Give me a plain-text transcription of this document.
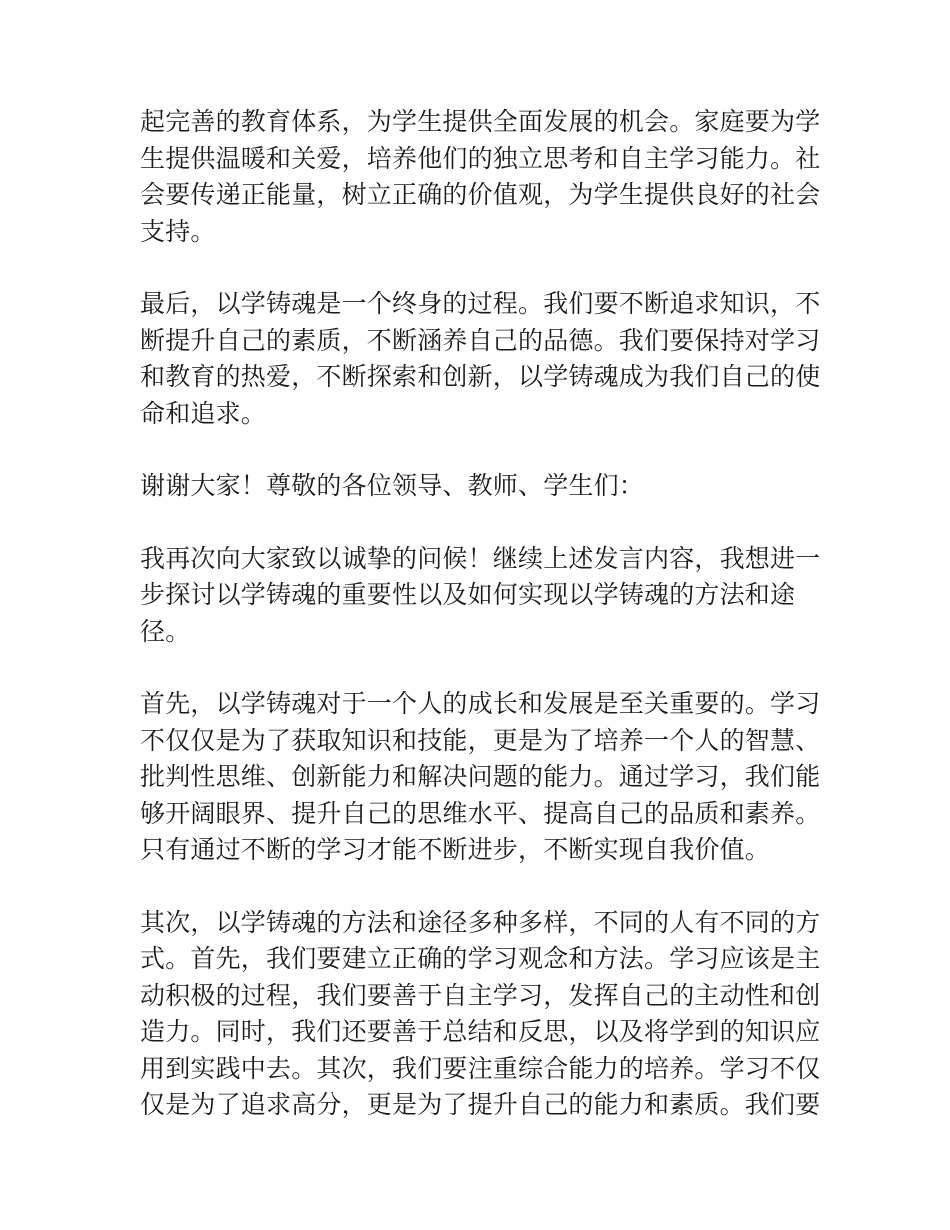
起完善的教育体系，为学生提供全面发展的机会。家庭要为学
生提供温暖和关爱，培养他们的独立思考和自主学习能力。社
会要传递正能量，树立正确的价值观，为学生提供良好的社会
支持。

最后，以学铸魂是一个终身的过程。我们要不断追求知识，不
断提升自己的素质，不断涵养自己的品德。我们要保持对学习
和教育的热爱，不断探索和创新，以学铸魂成为我们自己的使
命和追求。

谢谢大家！尊敬的各位领导、教师、学生们：

我再次向大家致以诚挚的问候！继续上述发言内容，我想进一
步探讨以学铸魂的重要性以及如何实现以学铸魂的方法和途径。

首先，以学铸魂对于一个人的成长和发展是至关重要的。学习
不仅仅是为了获取知识和技能，更是为了培养一个人的智慧、
批判性思维、创新能力和解决问题的能力。通过学习，我们能
够开阔眼界、提升自己的思维水平、提高自己的品质和素养。
只有通过不断的学习才能不断进步，不断实现自我价值。

其次，以学铸魂的方法和途径多种多样，不同的人有不同的方
式。首先，我们要建立正确的学习观念和方法。学习应该是主
动积极的过程，我们要善于自主学习，发挥自己的主动性和创
造力。同时，我们还要善于总结和反思，以及将学到的知识应
用到实践中去。其次，我们要注重综合能力的培养。学习不仅
仅是为了追求高分，更是为了提升自己的能力和素质。我们要
